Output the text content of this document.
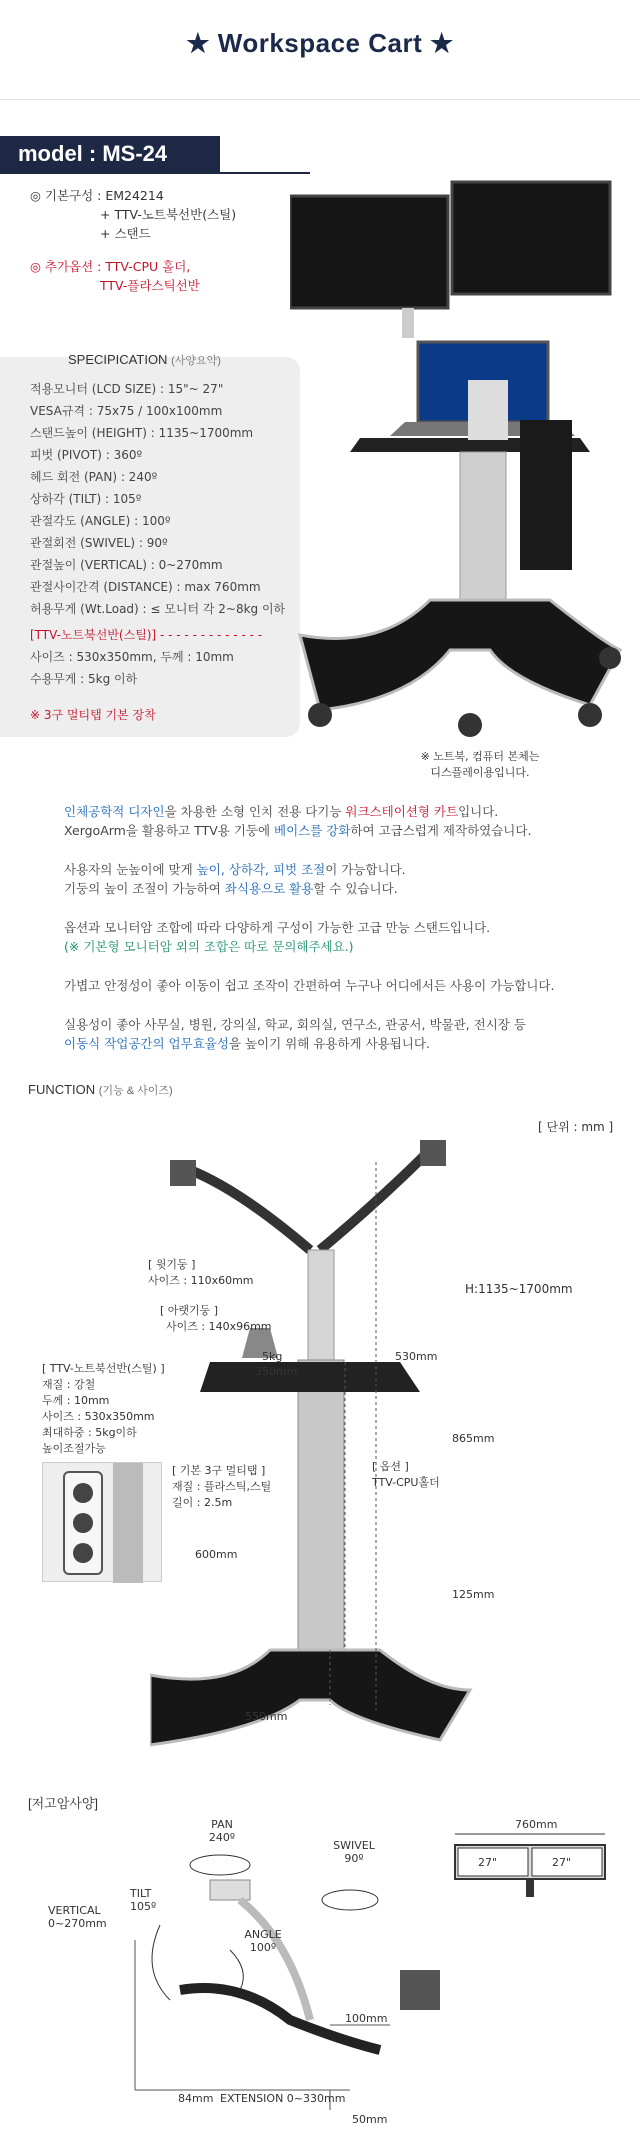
★ Workspace Cart ★
model : MS-24
◎ 기본구성 : EM24214
+ TTV-노트북선반(스틸)
+ 스탠드
◎ 추가옵션 : TTV-CPU 홀더,
TTV-플라스틱선반
SPECIPICATION (사양요약)
적용모니터 (LCD SIZE) : 15"~ 27"
VESA규격 : 75x75 / 100x100mm
스탠드높이 (HEIGHT) : 1135~1700mm
피벗 (PIVOT) : 360º
헤드 회전 (PAN) : 240º
상하각 (TILT) : 105º
관절각도 (ANGLE) : 100º
관절회전 (SWIVEL) : 90º
관절높이 (VERTICAL) : 0~270mm
관절사이간격 (DISTANCE) : max 760mm
허용무게 (Wt.Load) : ≤ 모니터 각 2~8kg 이하
[TTV-노트북선반(스틸)] - - - - - - - - - - - - -
사이즈 : 530x350mm, 두께 : 10mm
수용무게 : 5kg 이하
※ 3구 멀티탭 기본 장착
※ 노트북, 컴퓨터 본체는
디스플레이용입니다.
인체공학적 디자인을 차용한 소형 인치 전용 다기능 워크스테이션형 카트입니다.
XergoArm을 활용하고 TTV용 기둥에 베이스를 강화하여 고급스럽게 제작하였습니다.
사용자의 눈높이에 맞게 높이, 상하각, 피벗 조절이 가능합니다.
기둥의 높이 조절이 가능하여 좌식용으로 활용할 수 있습니다.
옵션과 모니터암 조합에 따라 다양하게 구성이 가능한 고급 만능 스탠드입니다.
(※ 기본형 모니터암 외의 조합은 따로 문의해주세요.)
가볍고 안정성이 좋아 이동이 쉽고 조작이 간편하여 누구나 어디에서든 사용이 가능합니다.
실용성이 좋아 사무실, 병원, 강의실, 학교, 회의실, 연구소, 관공서, 박물관, 전시장 등
이동식 작업공간의 업무효율성을 높이기 위해 유용하게 사용됩니다.
FUNCTION (기능 & 사이즈)
[ 단위 : mm ]
[ 윗기둥 ]
사이즈 : 110x60mm
[ 아랫기둥 ]
사이즈 : 140x96mm
5kg
H:1135~1700mm
530mm
350mm
865mm
125mm
600mm
550mm
[ TTV-노트북선반(스틸) ]
재질 : 강철
두께 : 10mm
사이즈 : 530x350mm
최대하중 : 5kg이하
높이조절가능
[ 기본 3구 멀티탭 ]
재질 : 플라스틱,스틸
길이 : 2.5m
[ 옵션 ]
TTV-CPU홀더
[저고암사양]
PAN
240º
SWIVEL
90º
TILT
105º
VERTICAL
0~270mm
ANGLE
100º
100mm
84mm EXTENSION 0~330mm
50mm
760mm
27"	27"
